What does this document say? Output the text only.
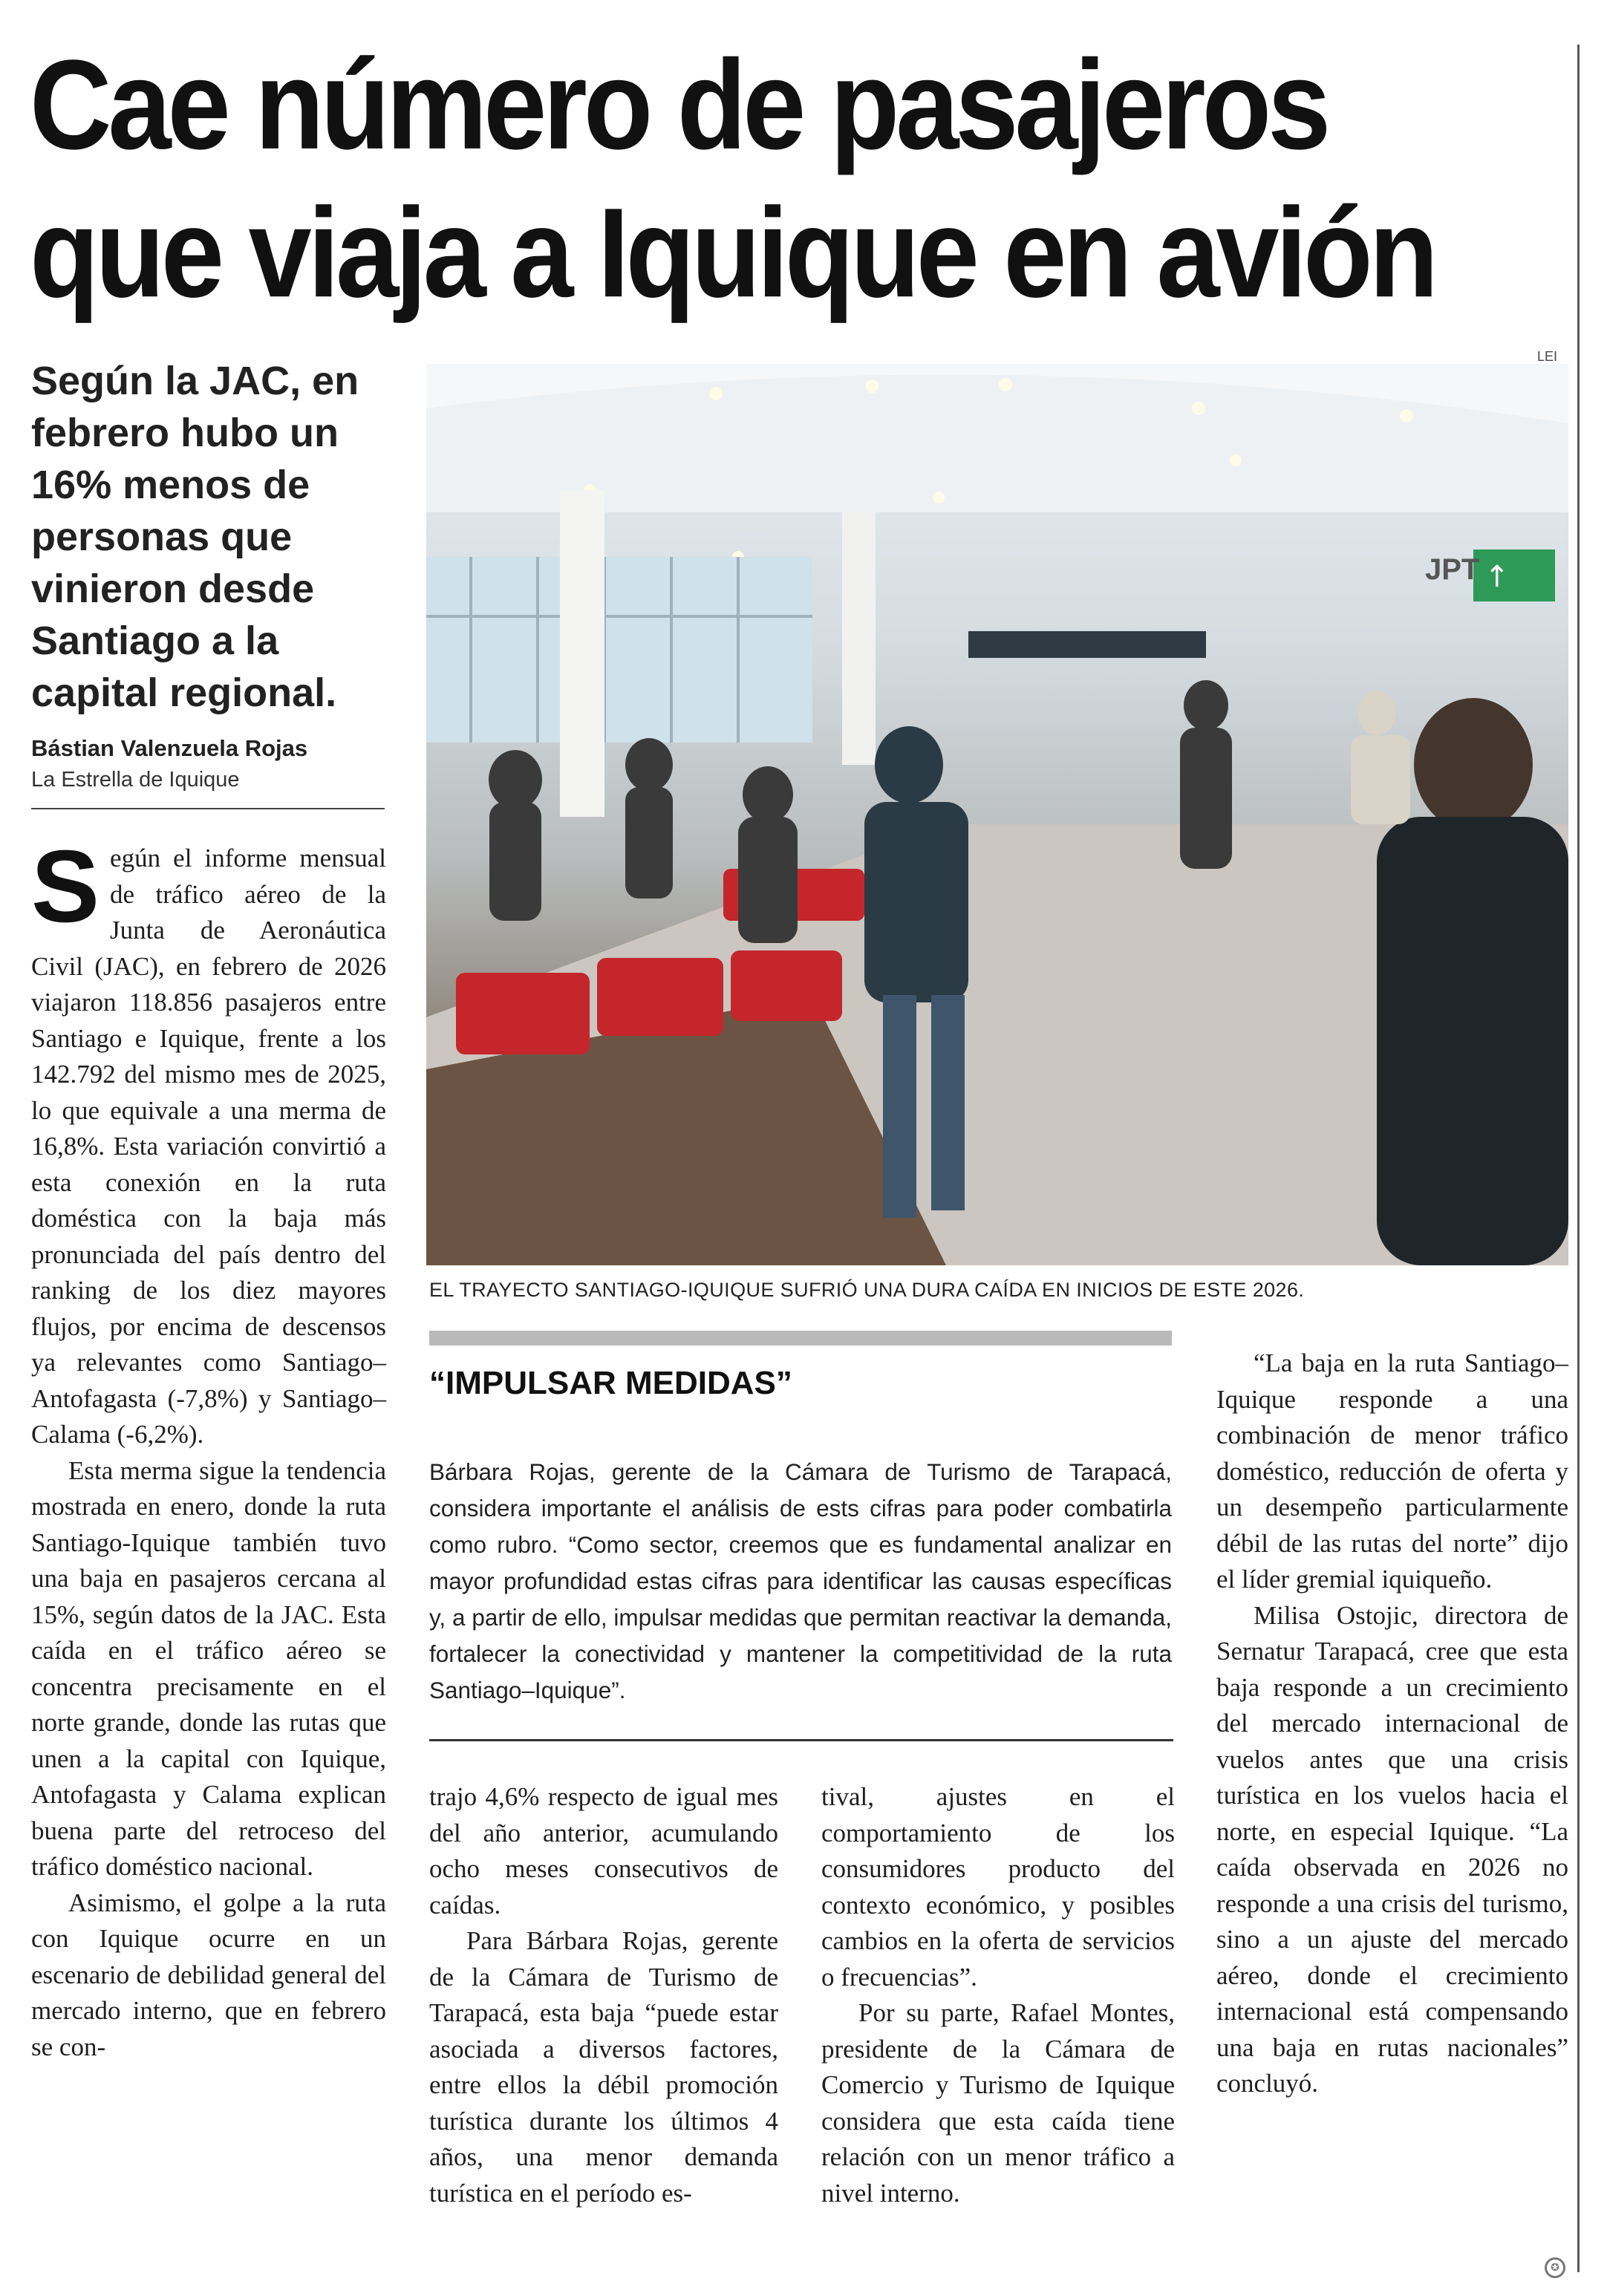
Cae número de pasajeros
que viaja a Iquique en avión
Según la JAC, en febrero hubo un 16% menos de personas que vinieron desde Santiago a la capital regional.
Bástian Valenzuela Rojas
La Estrella de Iquique
LEI
↑
JPT
EL TRAYECTO SANTIAGO-IQUIQUE SUFRIÓ UNA DURA CAÍDA EN INICIOS DE ESTE 2026.
“IMPULSAR MEDIDAS”
Bárbara Rojas, gerente de la Cámara de Turismo de Tarapacá, considera importante el análisis de ests cifras para poder combatirla como rubro. “Como sector, creemos que es fundamental analizar en mayor profundidad estas cifras para identificar las causas específicas y, a partir de ello, impulsar medidas que permitan reactivar la demanda, fortalecer la conectividad y mantener la competitividad de la ruta Santiago–Iquique”.

Según el informe mensual de tráfico aéreo de la Junta de Aeronáutica Civil (JAC), en febrero de 2026 viajaron 118.856 pasajeros entre Santiago e Iquique, frente a los 142.792 del mismo mes de 2025, lo que equivale a una merma de 16,8%. Esta variación convirtió a esta conexión en la ruta doméstica con la baja más pronunciada del país dentro del ranking de los diez mayores flujos, por encima de descensos ya relevantes como Santiago–Antofagasta (-7,8%) y Santiago–Calama (-6,2%).

Esta merma sigue la tendencia mostrada en enero, donde la ruta Santiago-Iquique también tuvo una baja en pasajeros cercana al 15%, según datos de la JAC. Esta caída en el tráfico aéreo se concentra precisamente en el norte grande, donde las rutas que unen a la capital con Iquique, Antofagasta y Calama explican buena parte del retroceso del tráfico doméstico nacional.

Asimismo, el golpe a la ruta con Iquique ocurre en un escenario de debilidad general del mercado interno, que en febrero se con-

trajo 4,6% respecto de igual mes del año anterior, acumulando ocho meses consecutivos de caídas.

Para Bárbara Rojas, gerente de la Cámara de Turismo de Tarapacá, esta baja “puede estar asociada a diversos factores, entre ellos la débil promoción turística durante los últimos 4 años, una menor demanda turística en el período es-

tival, ajustes en el comportamiento de los consumidores producto del contexto económico, y posibles cambios en la oferta de servicios o frecuencias”.

Por su parte, Rafael Montes, presidente de la Cámara de Comercio y Turismo de Iquique considera que esta caída tiene relación con un menor tráfico a nivel interno.

“La baja en la ruta Santiago–Iquique responde a una combinación de menor tráfico doméstico, reducción de oferta y un desempeño particularmente débil de las rutas del norte” dijo el líder gremial iquiqueño.

Milisa Ostojic, directora de Sernatur Tarapacá, cree que esta baja responde a un crecimiento del mercado internacional de vuelos antes que una crisis turística en los vuelos hacia el norte, en especial Iquique. “La caída observada en 2026 no responde a una crisis del turismo, sino a un ajuste del mercado aéreo, donde el crecimiento internacional está compensando una baja en rutas nacionales” concluyó.

✪
